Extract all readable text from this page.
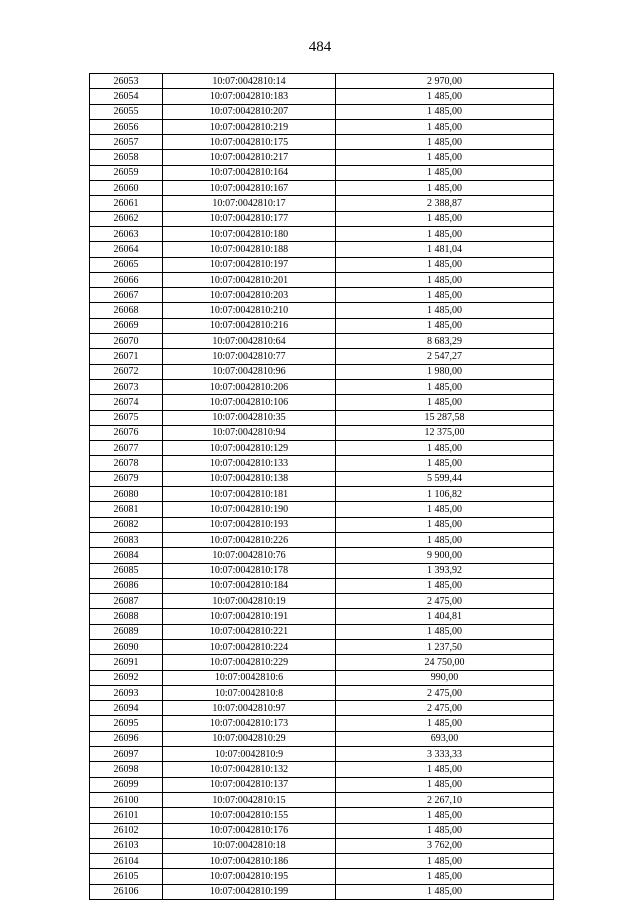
484
26053	10:07:0042810:14	2 970,00
26054	10:07:0042810:183	1 485,00
26055	10:07:0042810:207	1 485,00
26056	10:07:0042810:219	1 485,00
26057	10:07:0042810:175	1 485,00
26058	10:07:0042810:217	1 485,00
26059	10:07:0042810:164	1 485,00
26060	10:07:0042810:167	1 485,00
26061	10:07:0042810:17	2 388,87
26062	10:07:0042810:177	1 485,00
26063	10:07:0042810:180	1 485,00
26064	10:07:0042810:188	1 481,04
26065	10:07:0042810:197	1 485,00
26066	10:07:0042810:201	1 485,00
26067	10:07:0042810:203	1 485,00
26068	10:07:0042810:210	1 485,00
26069	10:07:0042810:216	1 485,00
26070	10:07:0042810:64	8 683,29
26071	10:07:0042810:77	2 547,27
26072	10:07:0042810:96	1 980,00
26073	10:07:0042810:206	1 485,00
26074	10:07:0042810:106	1 485,00
26075	10:07:0042810:35	15 287,58
26076	10:07:0042810:94	12 375,00
26077	10:07:0042810:129	1 485,00
26078	10:07:0042810:133	1 485,00
26079	10:07:0042810:138	5 599,44
26080	10:07:0042810:181	1 106,82
26081	10:07:0042810:190	1 485,00
26082	10:07:0042810:193	1 485,00
26083	10:07:0042810:226	1 485,00
26084	10:07:0042810:76	9 900,00
26085	10:07:0042810:178	1 393,92
26086	10:07:0042810:184	1 485,00
26087	10:07:0042810:19	2 475,00
26088	10:07:0042810:191	1 404,81
26089	10:07:0042810:221	1 485,00
26090	10:07:0042810:224	1 237,50
26091	10:07:0042810:229	24 750,00
26092	10:07:0042810:6	990,00
26093	10:07:0042810:8	2 475,00
26094	10:07:0042810:97	2 475,00
26095	10:07:0042810:173	1 485,00
26096	10:07:0042810:29	693,00
26097	10:07:0042810:9	3 333,33
26098	10:07:0042810:132	1 485,00
26099	10:07:0042810:137	1 485,00
26100	10:07:0042810:15	2 267,10
26101	10:07:0042810:155	1 485,00
26102	10:07:0042810:176	1 485,00
26103	10:07:0042810:18	3 762,00
26104	10:07:0042810:186	1 485,00
26105	10:07:0042810:195	1 485,00
26106	10:07:0042810:199	1 485,00
